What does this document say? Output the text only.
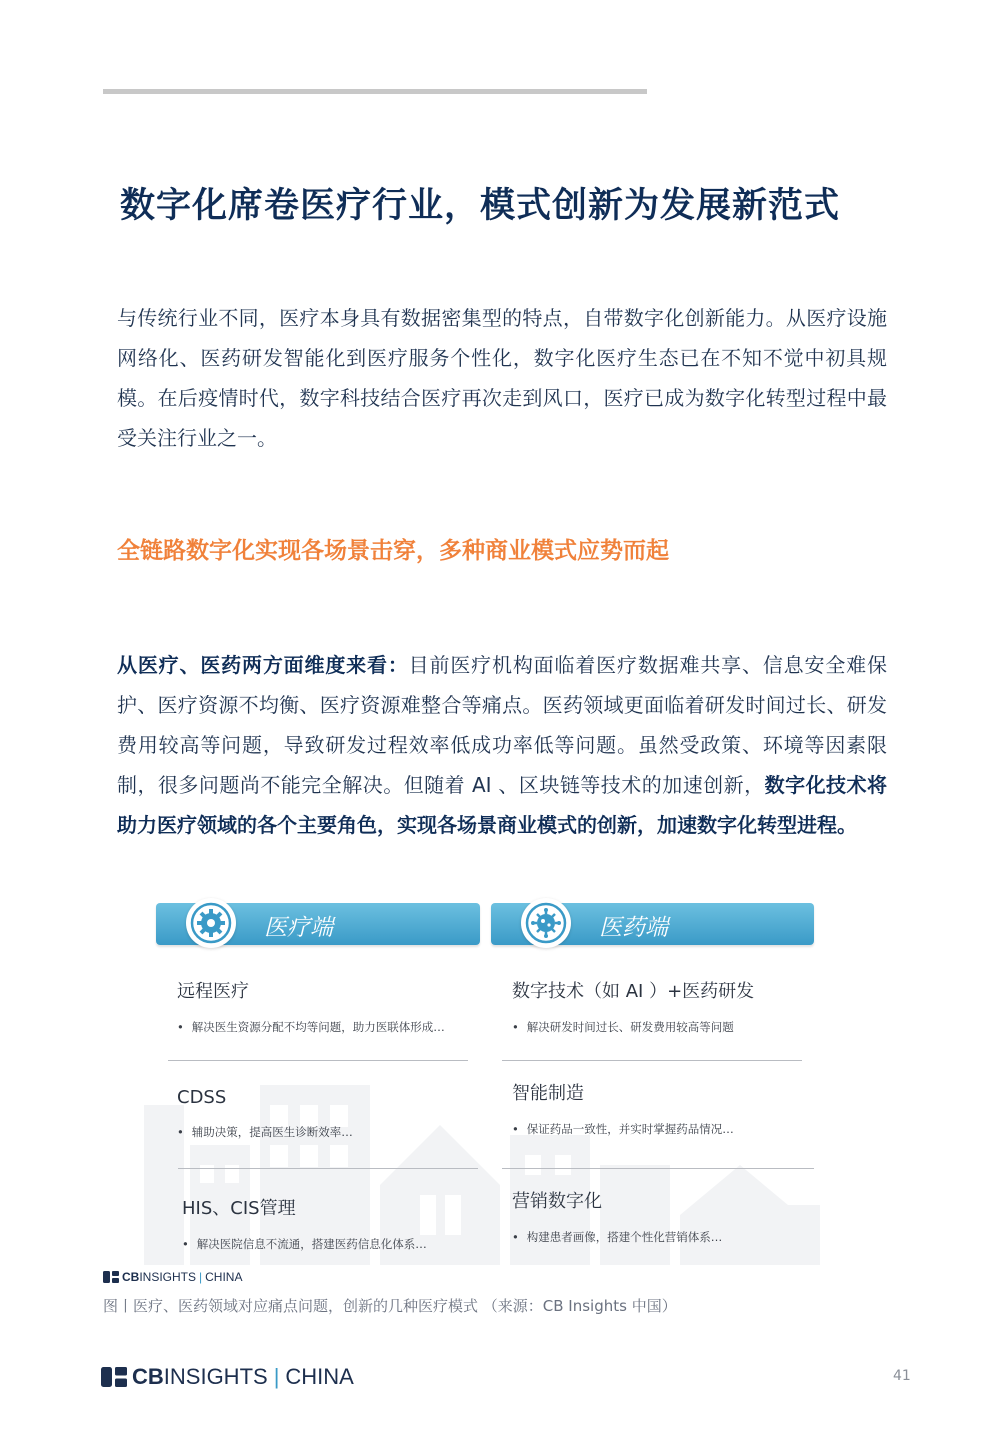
数字化席卷医疗行业，模式创新为发展新范式

与传统行业不同，医疗本身具有数据密集型的特点，自带数字化创新能力。从医疗设施网络化、医药研发智能化到医疗服务个性化，数字化医疗生态已在不知不觉中初具规模。在后疫情时代，数字科技结合医疗再次走到风口，医疗已成为数字化转型过程中最受关注行业之一。

全链路数字化实现各场景击穿，多种商业模式应势而起

从医疗、医药两方面维度来看：目前医疗机构面临着医疗数据难共享、信息安全难保护、医疗资源不均衡、医疗资源难整合等痛点。医药领域更面临着研发时间过长、研发费用较高等问题，导致研发过程效率低成功率低等问题。虽然受政策、环境等因素限制，很多问题尚不能完全解决。但随着 AI 、区块链等技术的加速创新，数字化技术将助力医疗领域的各个主要角色，实现各场景商业模式的创新，加速数字化转型进程。

医疗端	医药端
远程医疗
• 解决医生资源分配不均等问题，助力医联体形成…
CDSS
• 辅助决策，提高医生诊断效率…
HIS、CIS管理
• 解决医院信息不流通，搭建医药信息化体系…
数字技术（如 AI ）+医药研发
• 解决研发时间过长、研发费用较高等问题
智能制造
• 保证药品一致性，并实时掌握药品情况…
营销数字化
• 构建患者画像，搭建个性化营销体系…
CB INSIGHTS | CHINA
图丨医疗、医药领域对应痛点问题，创新的几种医疗模式 （来源：CB Insights 中国）
CB INSIGHTS | CHINA	41
